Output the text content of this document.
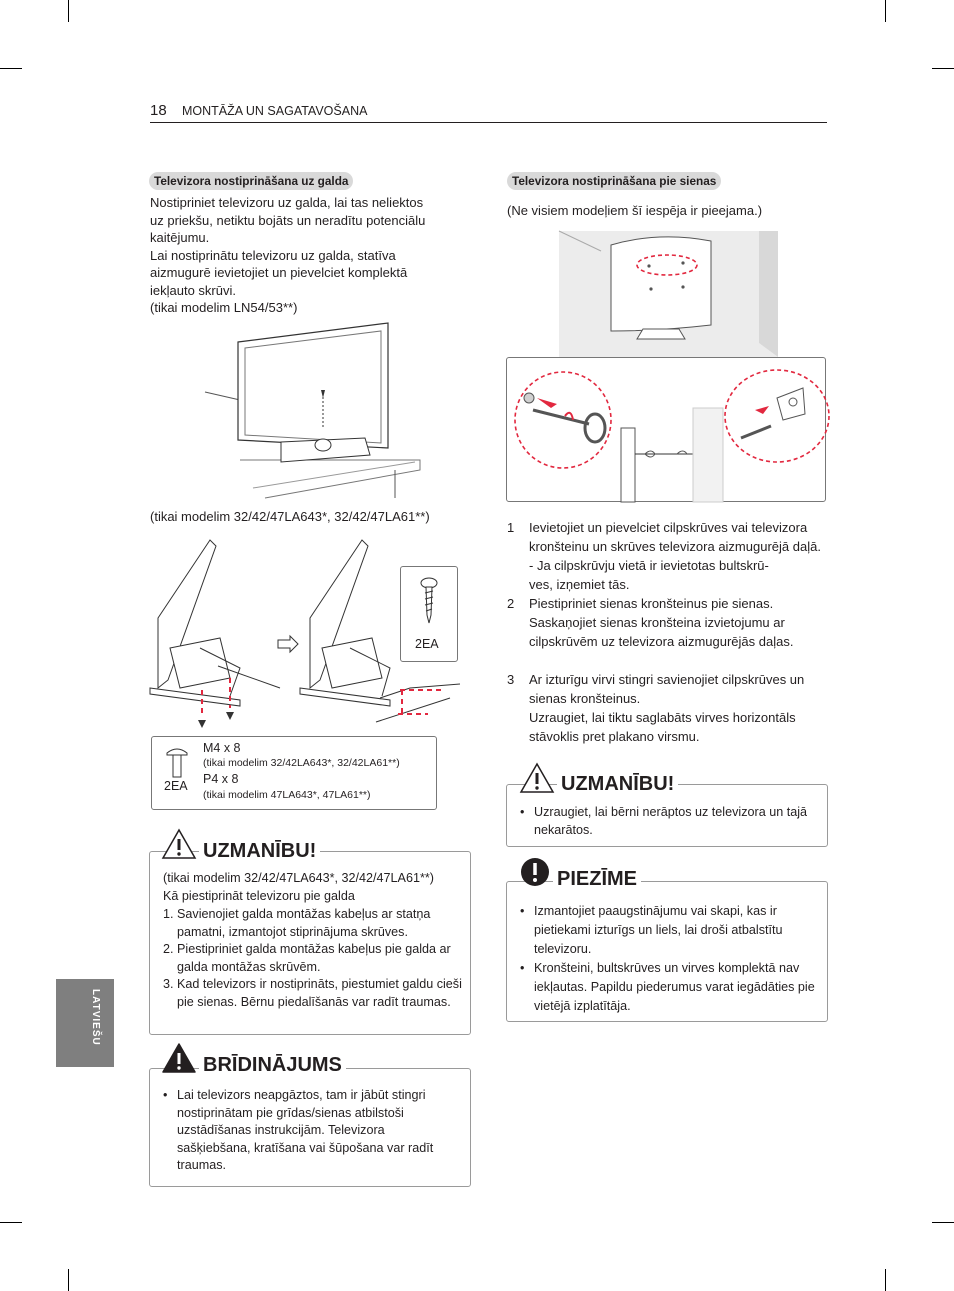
18 MONTĀŽA UN SAGATAVOŠANA
LATVIEŠU
Televizora nostiprināšana uz galda
Nostipriniet televizoru uz galda, lai tas neliektos
uz priekšu, netiktu bojāts un neradītu potenciālu
kaitējumu.
Lai nostiprinātu televizoru uz galda, statīva
aizmugurē ievietojiet un pievelciet komplektā
iekļauto skrūvi.
(tikai modelim LN54/53**)
(tikai modelim 32/42/47LA643*, 32/42/47LA61**)
2EA
2EA
M4 x 8
(tikai modelim 32/42LA643*, 32/42LA61**)
P4 x 8
(tikai modelim 47LA643*, 47LA61**)
(tikai modelim 32/42/47LA643*, 32/42/47LA61**)
Kā piestiprināt televizoru pie galda
1. Savienojiet galda montāžas kabeļus ar statņa pamatni, izmantojot stiprinājuma skrūves.
2. Piestipriniet galda montāžas kabeļus pie galda ar galda montāžas skrūvēm.
3. Kad televizors ir nostiprināts, piestumiet galdu cieši pie sienas. Bērnu piedalīšanās var radīt traumas.
UZMANĪBU!
• Lai televizors neapgāztos, tam ir jābūt stingri nostiprinātam pie grīdas/sienas atbilstoši uzstādīšanas instrukcijām. Televizora sašķiebšana, kratīšana vai šūpošana var radīt traumas.
BRĪDINĀJUMS
Televizora nostiprināšana pie sienas
(Ne visiem modeļiem šī iespēja ir pieejama.)
1 Ievietojiet un pievelciet cilpskrūves vai televizora kronšteinu un skrūves televizora aizmugurējā daļā.
- Ja cilpskrūvju vietā ir ievietotas bultskrū-
ves, izņemiet tās.
2 Piestipriniet sienas kronšteinus pie sienas. Saskaņojiet sienas kronšteina izvietojumu ar cilpskrūvēm uz televizora aizmugurējās daļas.

3 Ar izturīgu virvi stingri savienojiet cilpskrūves un sienas kronšteinus.
Uzraugiet, lai tiktu saglabāts virves horizontāls stāvoklis pret plakano virsmu.

• Uzraugiet, lai bērni nerāptos uz televizora un tajā nekarātos.
UZMANĪBU!
• Izmantojiet paaugstinājumu vai skapi, kas ir pietiekami izturīgs un liels, lai droši atbalstītu televizoru.
• Kronšteini, bultskrūves un virves komplektā nav iekļautas. Papildu piederumus varat iegādāties pie vietējā izplatītāja.
PIEZĪME
